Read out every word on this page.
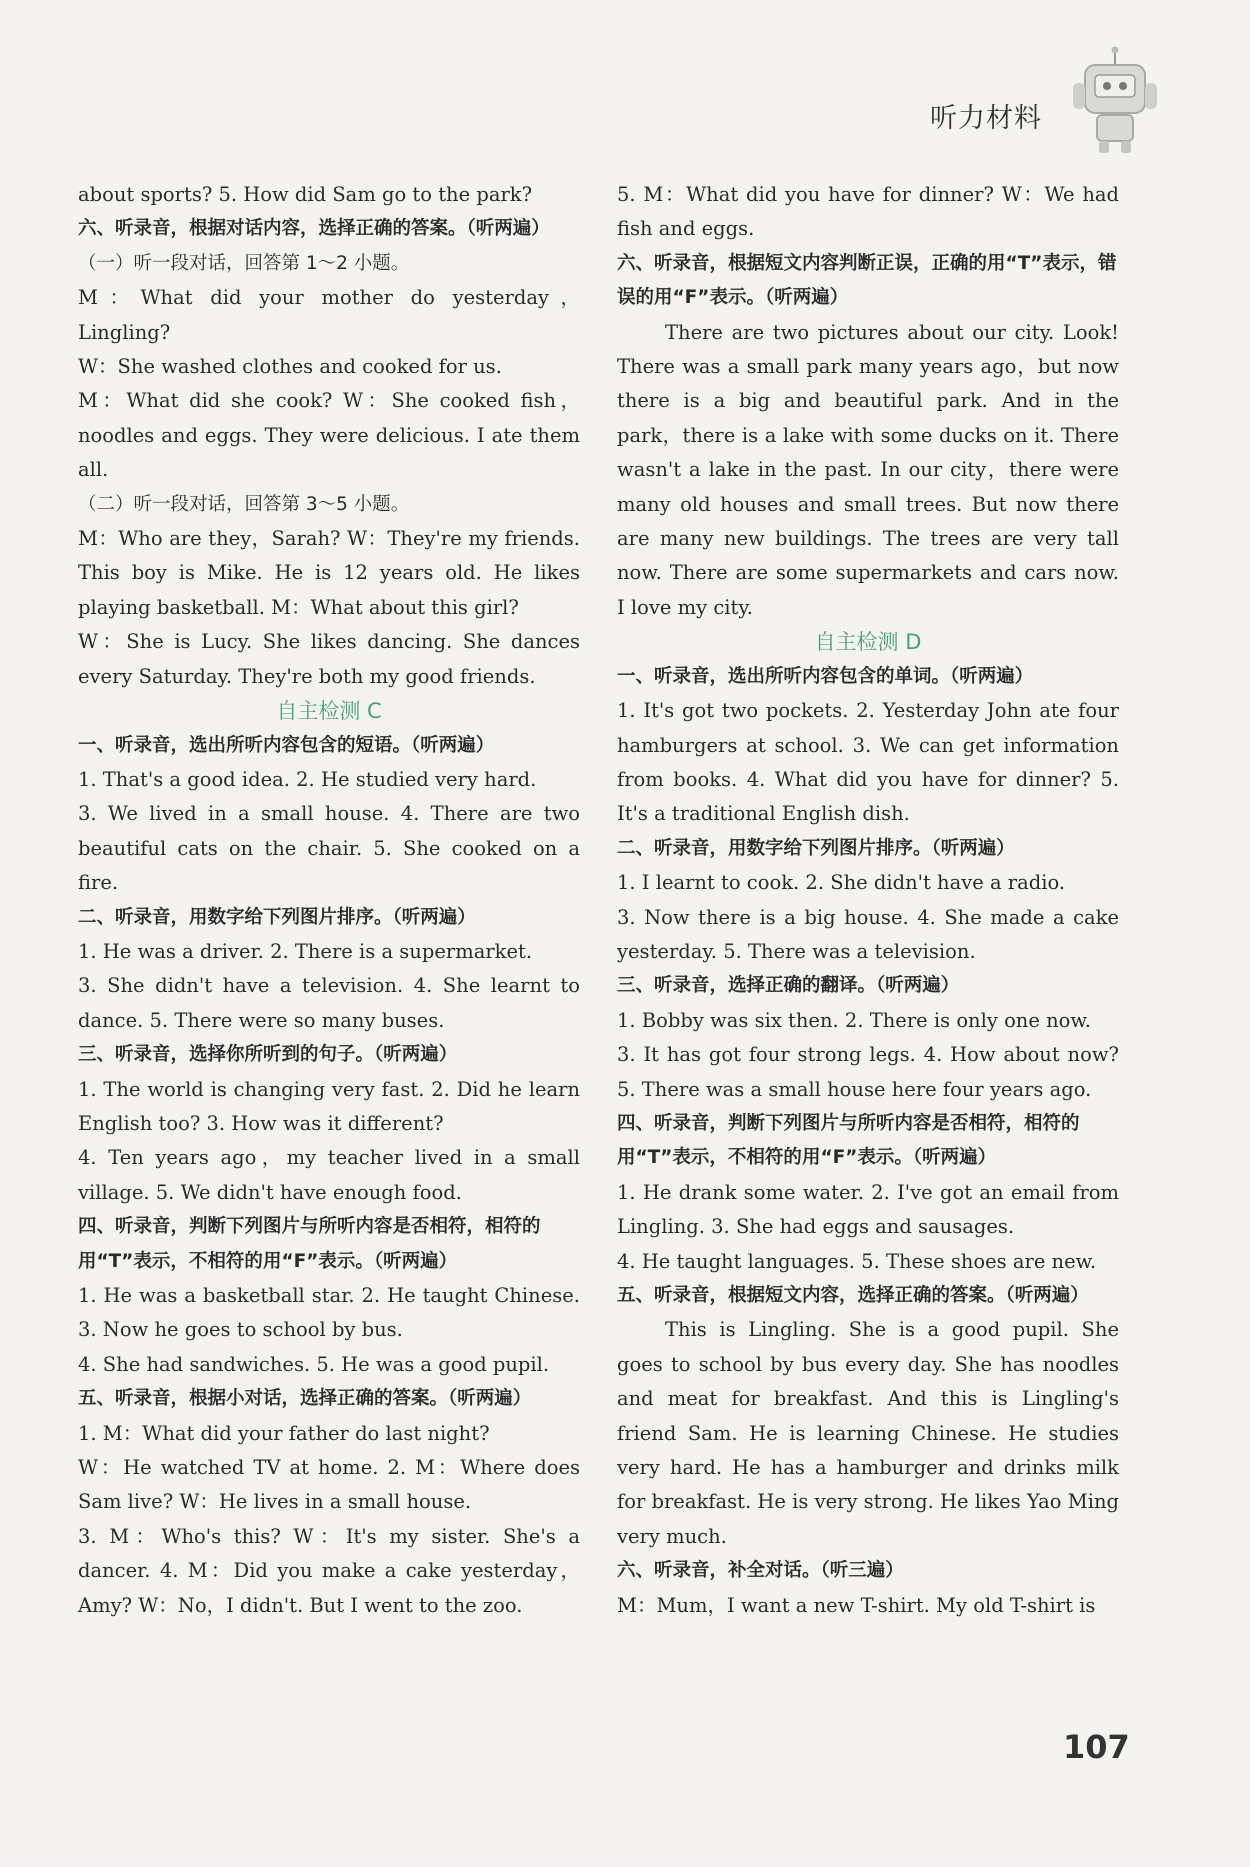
听力材料

about sports? 5. How did Sam go to the park?

六、听录音，根据对话内容，选择正确的答案。（听两遍）

（一）听一段对话，回答第 1～2 小题。

M：What did your mother do yesterday，Lingling?

W：She washed clothes and cooked for us.

M：What did she cook? W：She cooked fish，noodles and eggs. They were delicious. I ate them all.

（二）听一段对话，回答第 3～5 小题。

M：Who are they，Sarah? W：They're my friends. This boy is Mike. He is 12 years old. He likes playing basketball. M：What about this girl?

W：She is Lucy. She likes dancing. She dances every Saturday. They're both my good friends.

自主检测 C

一、听录音，选出所听内容包含的短语。（听两遍）

1. That's a good idea. 2. He studied very hard.

3. We lived in a small house. 4. There are two beautiful cats on the chair. 5. She cooked on a fire.

二、听录音，用数字给下列图片排序。（听两遍）

1. He was a driver. 2. There is a supermarket.

3. She didn't have a television. 4. She learnt to dance. 5. There were so many buses.

三、听录音，选择你所听到的句子。（听两遍）

1. The world is changing very fast. 2. Did he learn English too? 3. How was it different?

4. Ten years ago，my teacher lived in a small village. 5. We didn't have enough food.

四、听录音，判断下列图片与所听内容是否相符，相符的用“T”表示，不相符的用“F”表示。（听两遍）

1. He was a basketball star. 2. He taught Chinese. 3. Now he goes to school by bus.

4. She had sandwiches. 5. He was a good pupil.

五、听录音，根据小对话，选择正确的答案。（听两遍）

1. M：What did your father do last night?

W：He watched TV at home. 2. M：Where does Sam live? W：He lives in a small house.

3. M：Who's this? W：It's my sister. She's a dancer. 4. M：Did you make a cake yesterday，Amy? W：No，I didn't. But I went to the zoo.

5. M：What did you have for dinner? W：We had fish and eggs.

六、听录音，根据短文内容判断正误，正确的用“T”表示，错误的用“F”表示。（听两遍）

There are two pictures about our city. Look! There was a small park many years ago，but now there is a big and beautiful park. And in the park，there is a lake with some ducks on it. There wasn't a lake in the past. In our city，there were many old houses and small trees. But now there are many new buildings. The trees are very tall now. There are some supermarkets and cars now. I love my city.

自主检测 D

一、听录音，选出所听内容包含的单词。（听两遍）

1. It's got two pockets. 2. Yesterday John ate four hamburgers at school. 3. We can get information from books. 4. What did you have for dinner? 5. It's a traditional English dish.

二、听录音，用数字给下列图片排序。（听两遍）

1. I learnt to cook. 2. She didn't have a radio.

3. Now there is a big house. 4. She made a cake yesterday. 5. There was a television.

三、听录音，选择正确的翻译。（听两遍）

1. Bobby was six then. 2. There is only one now.

3. It has got four strong legs. 4. How about now? 5. There was a small house here four years ago.

四、听录音，判断下列图片与所听内容是否相符，相符的用“T”表示，不相符的用“F”表示。（听两遍）

1. He drank some water. 2. I've got an email from Lingling. 3. She had eggs and sausages.

4. He taught languages. 5. These shoes are new.

五、听录音，根据短文内容，选择正确的答案。（听两遍）

This is Lingling. She is a good pupil. She goes to school by bus every day. She has noodles and meat for breakfast. And this is Lingling's friend Sam. He is learning Chinese. He studies very hard. He has a hamburger and drinks milk for breakfast. He is very strong. He likes Yao Ming very much.

六、听录音，补全对话。（听三遍）

M：Mum，I want a new T-shirt. My old T-shirt is

107
